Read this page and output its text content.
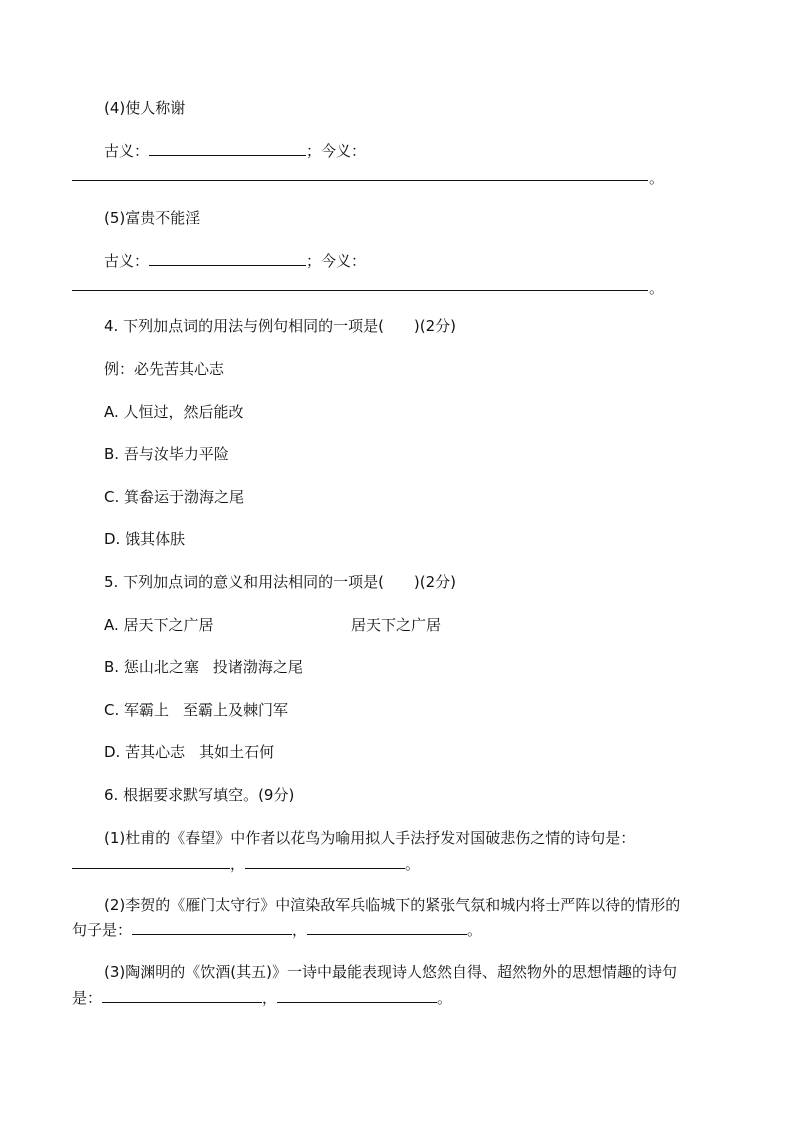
(4)使人称谢
古义：	；今义：
。
(5)富贵不能淫
古义：	；今义：
。
4. 下列加点词的用法与例句相同的一项是(　　)(2分)
例：必先苦其心志
A. 人恒过，然后能改
B. 吾与汝毕力平险
C. 箕畚运于渤海之尾
D. 饿其体肤
5. 下列加点词的意义和用法相同的一项是(　　)(2分)
A. 居天下之广居	居天下之广居
B. 惩山北之塞 投诸渤海之尾
C. 军霸上 至霸上及棘门军
D. 苦其心志 其如土石何
6. 根据要求默写填空。(9分)
(1)杜甫的《春望》中作者以花鸟为喻用拟人手法抒发对国破悲伤之情的诗句是：
，	。
(2)李贺的《雁门太守行》中渲染敌军兵临城下的紧张气氛和城内将士严阵以待的情形的
句子是：	，	。
(3)陶渊明的《饮酒(其五)》一诗中最能表现诗人悠然自得、超然物外的思想情趣的诗句
是：	，	。
